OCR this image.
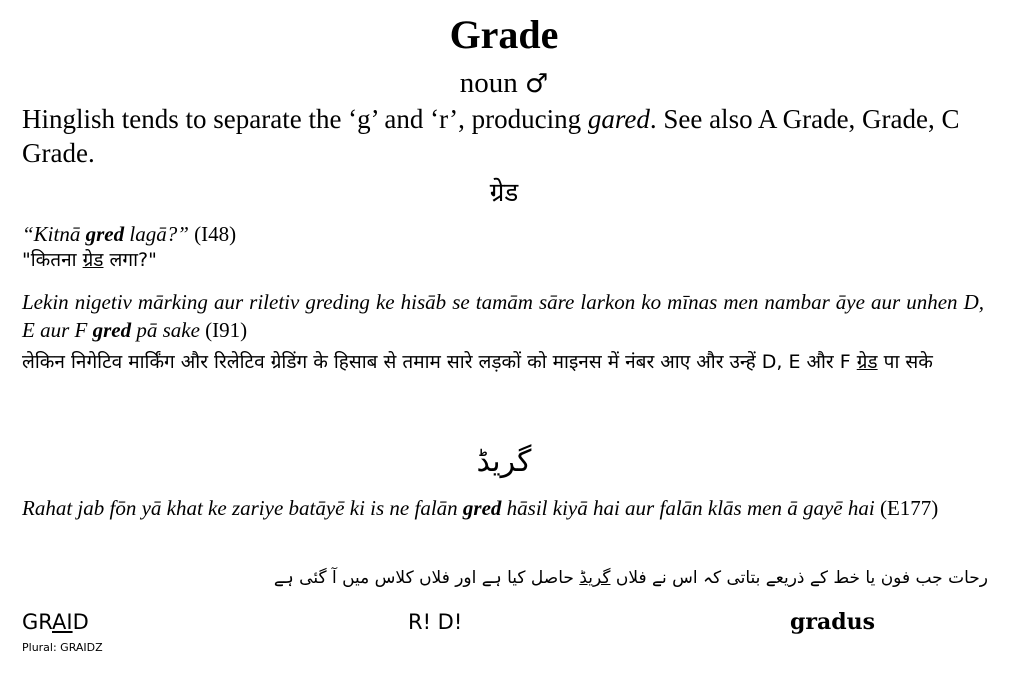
Grade
noun ♂
Hinglish tends to separate the ‘g’ and ‘r’, producing gared. See also A Grade, Grade, C Grade.
ग्रेड
“Kitnā gred lagā?” (I48)
"कितना ग्रेड लगा?"
Lekin nigetiv mārking aur riletiv greding ke hisāb se tamām sāre larkon ko mīnas men nambar āye aur unhen D, E aur F gred pā sake (I91)
लेकिन निगेटिव मार्किंग और रिलेटिव ग्रेडिंग के हिसाब से तमाम सारे लड़कों को माइनस में नंबर आए और उन्हें D, E और F ग्रेड पा सके
گریڈ
Rahat jab fōn yā khat ke zariye batāyē ki is ne falān gred hāsil kiyā hai aur falān klās men ā gayē hai (E177)
رحات جب فون یا خط کے ذریعے بتاتی کہ اس نے فلاں گریڈ حاصل کیا ہے اور فلاں کلاس میں آ گئی ہے
GRAID
Plural: GRAIDZ
R! D!	gradus
